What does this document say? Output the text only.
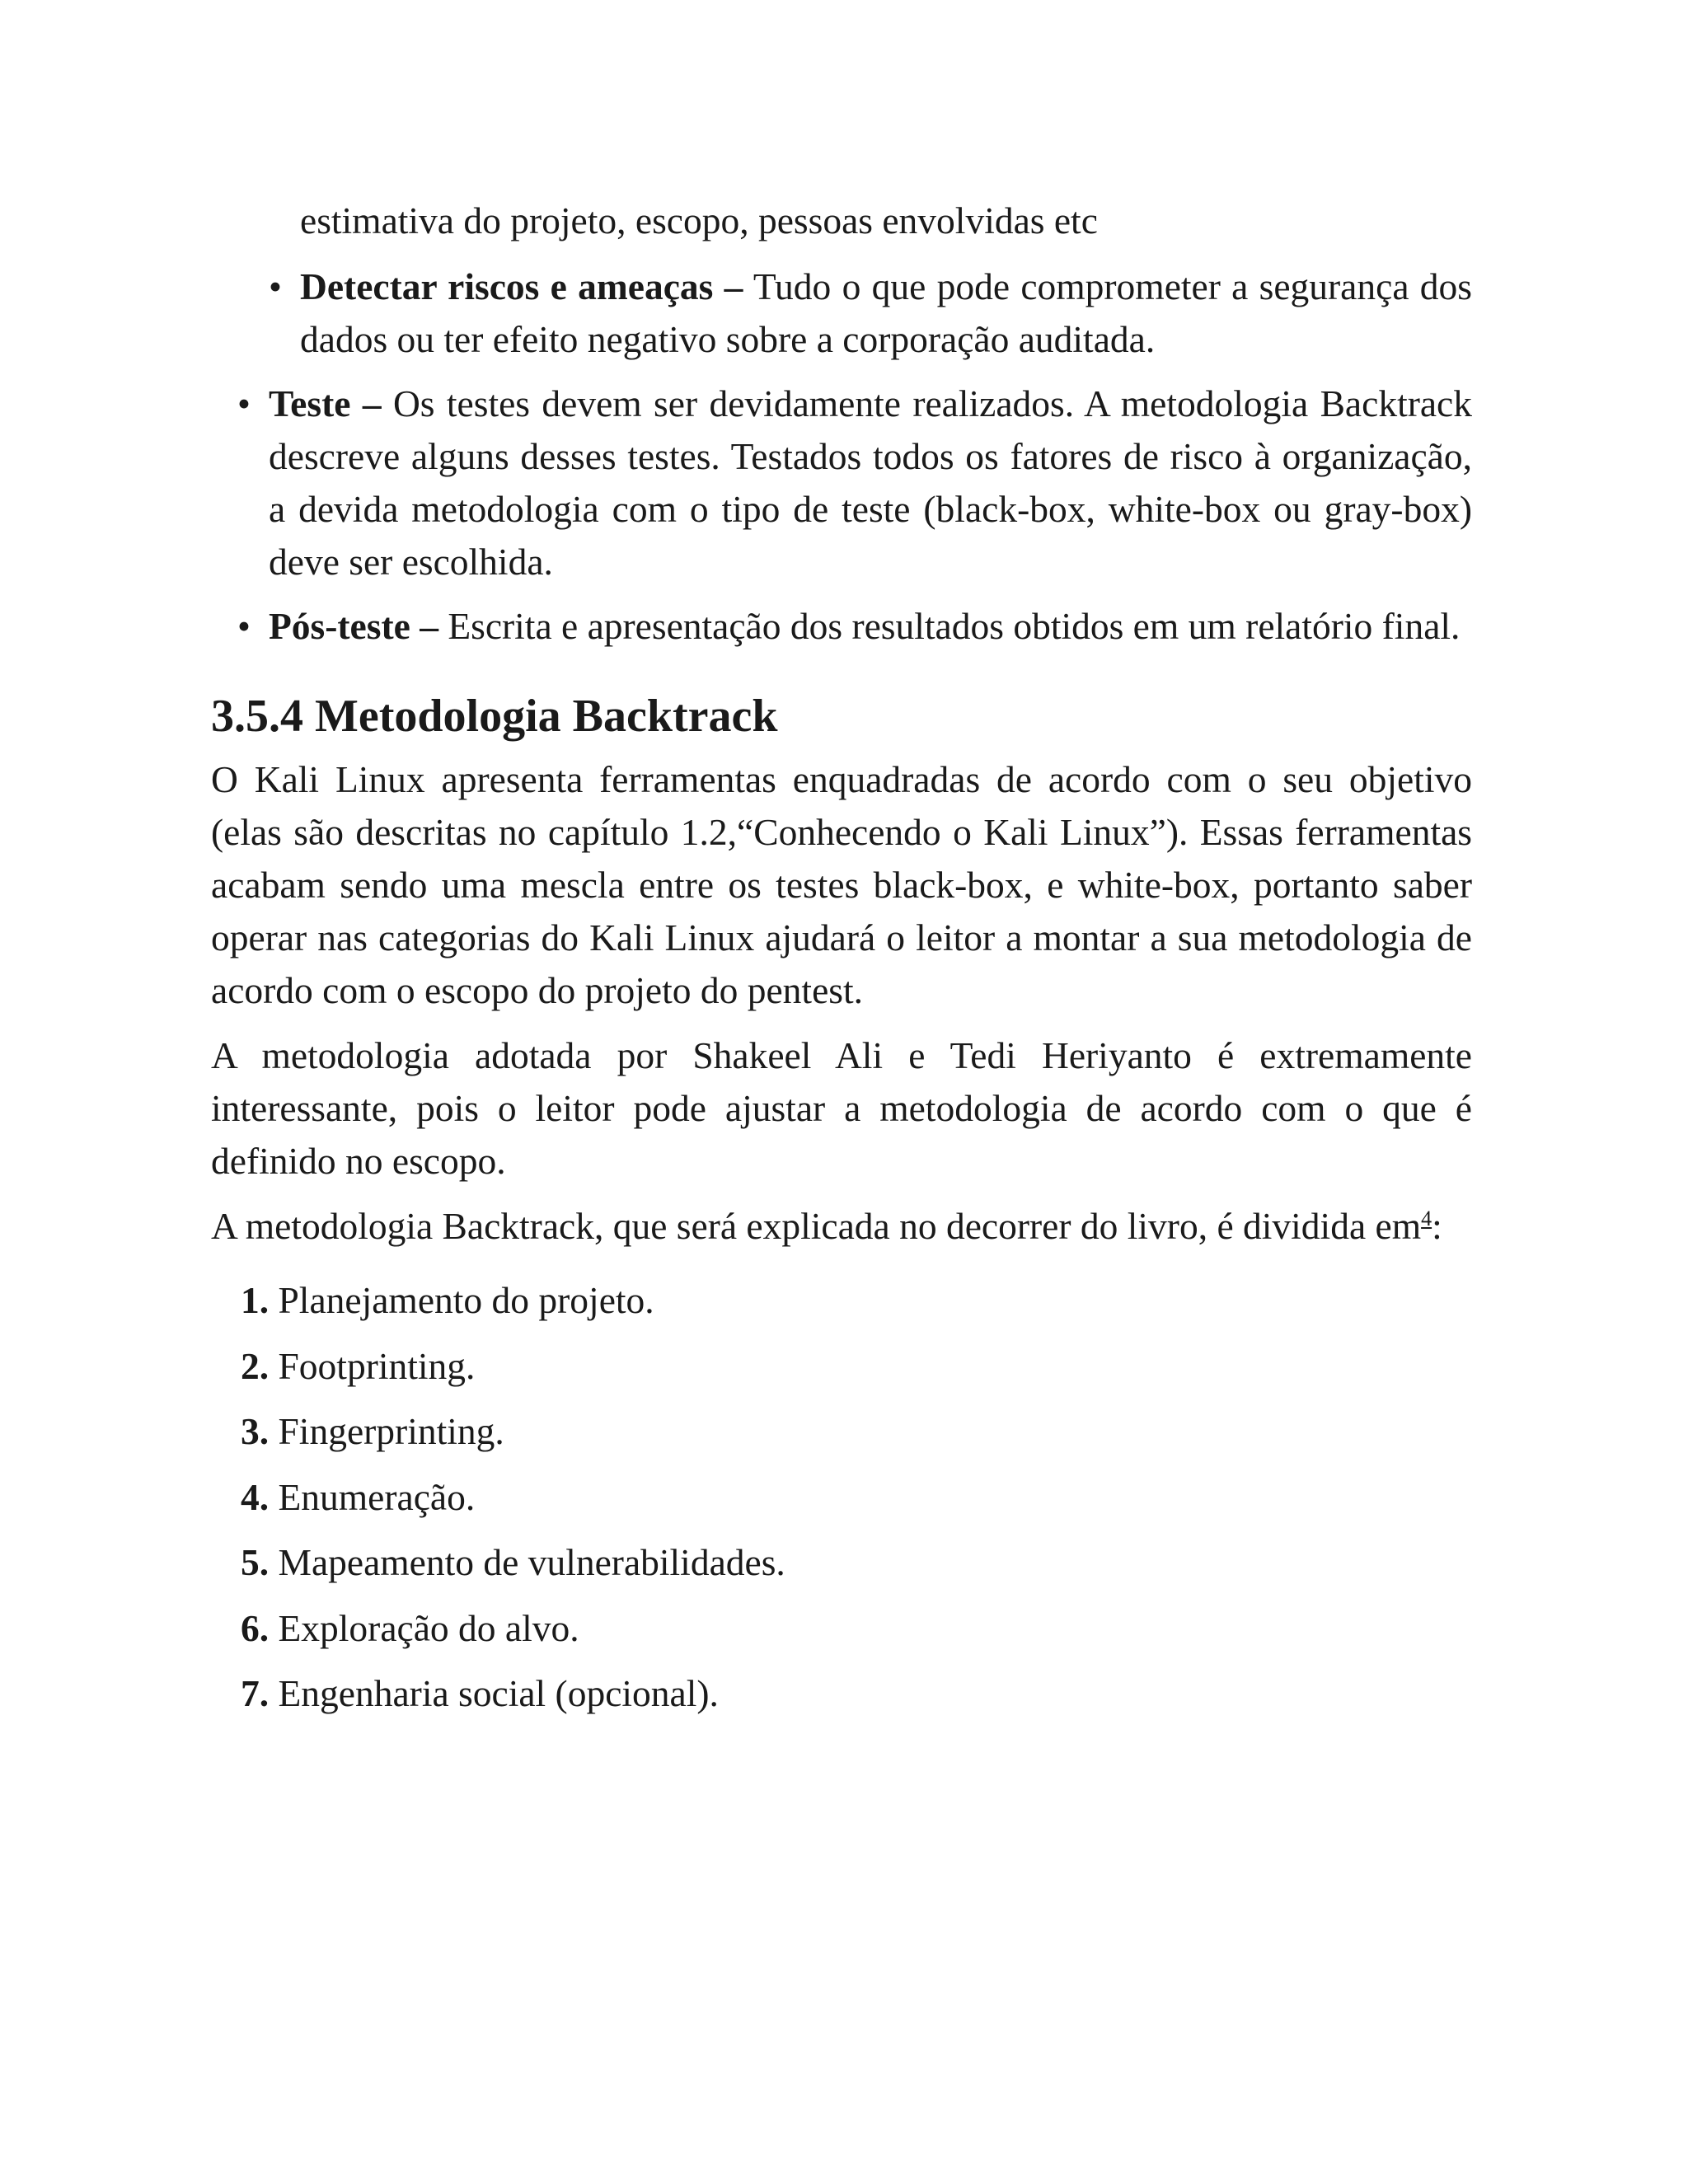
estimativa do projeto, escopo, pessoas envolvidas etc

• Detectar riscos e ameaças – Tudo o que pode comprometer a segurança dos dados ou ter efeito negativo sobre a corporação auditada.

• Teste – Os testes devem ser devidamente realizados. A metodologia Backtrack descreve alguns desses testes. Testados todos os fatores de risco à organização, a devida metodologia com o tipo de teste (black-box, white-box ou gray-box) deve ser escolhida.

• Pós-teste – Escrita e apresentação dos resultados obtidos em um relatório final.

3.5.4 Metodologia Backtrack

O Kali Linux apresenta ferramentas enquadradas de acordo com o seu objetivo (elas são descritas no capítulo 1.2,“Conhecendo o Kali Linux”). Essas ferramentas acabam sendo uma mescla entre os testes black-box, e white-box, portanto saber operar nas categorias do Kali Linux ajudará o leitor a montar a sua metodologia de acordo com o escopo do projeto do pentest.

A metodologia adotada por Shakeel Ali e Tedi Heriyanto é extremamente interessante, pois o leitor pode ajustar a metodologia de acordo com o que é definido no escopo.

A metodologia Backtrack, que será explicada no decorrer do livro, é dividida $em^4$:

1. Planejamento do projeto.
2. Footprinting.
3. Fingerprinting.
4. Enumeração.
5. Mapeamento de vulnerabilidades.
6. Exploração do alvo.
7. Engenharia social (opcional).
